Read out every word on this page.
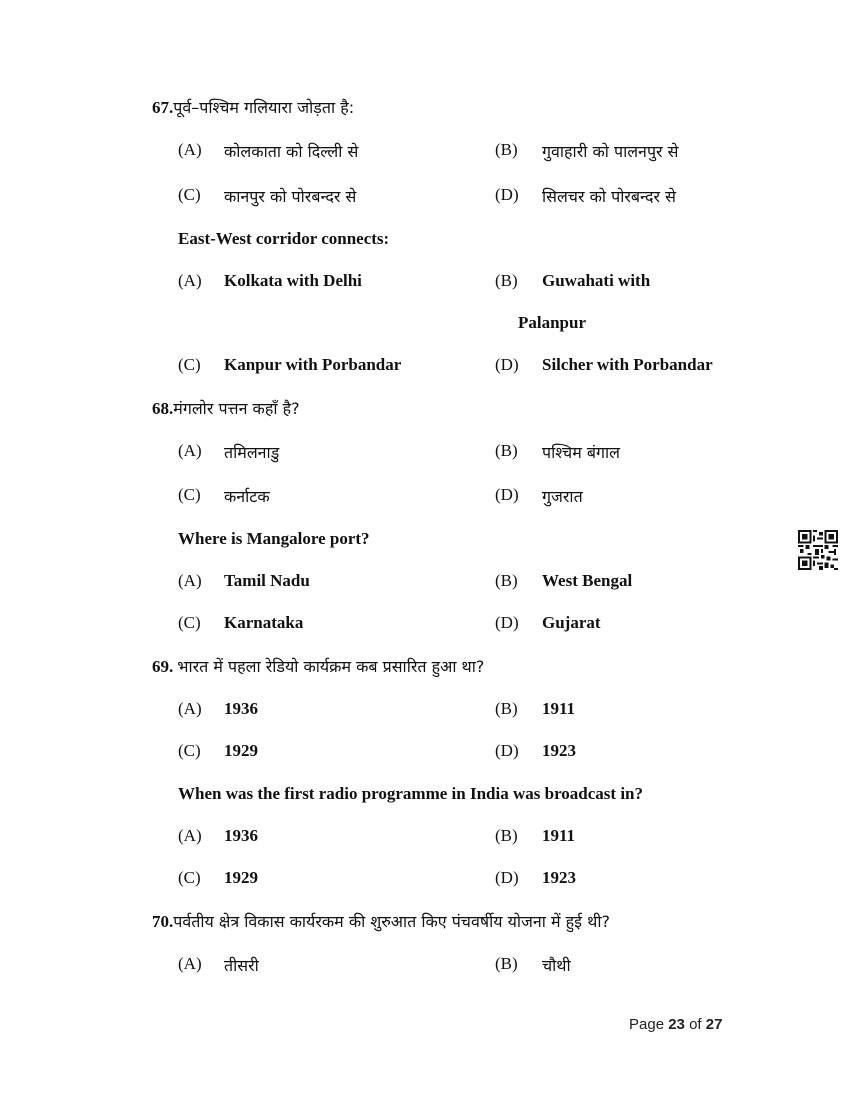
67.पूर्व–पश्चिम गलियारा जोड़ता है:
(A) कोलकाता को दिल्ली से	(B) गुवाहारी को पालनपुर से
(C) कानपुर को पोरबन्दर से	(D) सिलचर को पोरबन्दर से
East-West corridor connects:
(A) Kolkata with Delhi	(B) Guwahati with
Palanpur
(C) Kanpur with Porbandar	(D) Silcher with Porbandar
68.मंगलोर पत्तन कहाँ है?
(A) तमिलनाडु	(B) पश्चिम बंगाल
(C) कर्नाटक	(D) गुजरात
Where is Mangalore port?
(A) Tamil Nadu	(B) West Bengal
(C) Karnataka	(D) Gujarat
69. भारत में पहला रेडियो कार्यक्रम कब प्रसारित हुआ था?
(A) 1936	(B) 1911
(C) 1929	(D) 1923
When was the first radio programme in India was broadcast in?
(A) 1936	(B) 1911
(C) 1929	(D) 1923
70.पर्वतीय क्षेत्र विकास कार्यरकम की शुरुआत किए पंचवर्षीय योजना में हुई थी?
(A) तीसरी	(B) चौथी
Page 23 of 27
